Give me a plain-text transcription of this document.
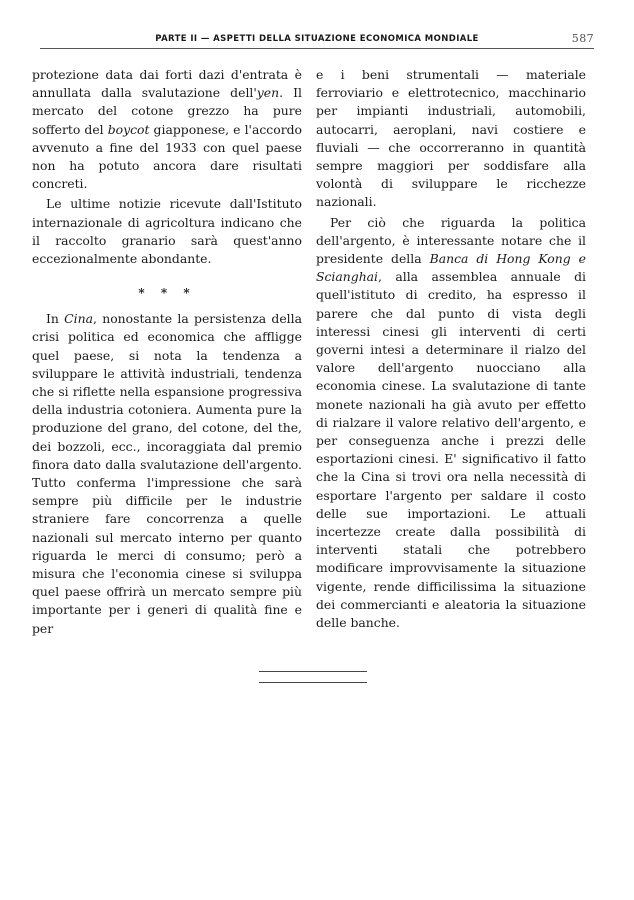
PARTE II — ASPETTI DELLA SITUAZIONE ECONOMICA MONDIALE	587

protezione data dai forti dazi d'entrata è annullata dalla svalutazione dell'yen. Il mercato del cotone grezzo ha pure sofferto del boycot giapponese, e l'accordo avvenuto a fine del 1933 con quel paese non ha potuto ancora dare risultati concreti.

Le ultime notizie ricevute dall'Istituto internazionale di agricoltura indicano che il raccolto granario sarà quest'anno eccezionalmente abondante.

* * *

In Cina, nonostante la persistenza della crisi politica ed economica che affligge quel paese, si nota la tendenza a sviluppare le attività industriali, tendenza che si riflette nella espansione progressiva della industria cotoniera. Aumenta pure la produzione del grano, del cotone, del the, dei bozzoli, ecc., incoraggiata dal premio finora dato dalla svalutazione dell'argento. Tutto conferma l'impressione che sarà sempre più difficile per le industrie straniere fare concorrenza a quelle nazionali sul mercato interno per quanto riguarda le merci di consumo; però a misura che l'economia cinese si sviluppa quel paese offrirà un mercato sempre più importante per i generi di qualità fine e per

e i beni strumentali — materiale ferroviario e elettrotecnico, macchinario per impianti industriali, automobili, autocarri, aeroplani, navi costiere e fluviali — che occorreranno in quantità sempre maggiori per soddisfare alla volontà di sviluppare le ricchezze nazionali.

Per ciò che riguarda la politica dell'argento, è interessante notare che il presidente della Banca di Hong Kong e Scianghai, alla assemblea annuale di quell'istituto di credito, ha espresso il parere che dal punto di vista degli interessi cinesi gli interventi di certi governi intesi a determinare il rialzo del valore dell'argento nuocciano alla economia cinese. La svalutazione di tante monete nazionali ha già avuto per effetto di rialzare il valore relativo dell'argento, e per conseguenza anche i prezzi delle esportazioni cinesi. E' significativo il fatto che la Cina si trovi ora nella necessità di esportare l'argento per saldare il costo delle sue importazioni. Le attuali incertezze create dalla possibilità di interventi statali che potrebbero modificare improvvisamente la situazione vigente, rende difficilissima la situazione dei commercianti e aleatoria la situazione delle banche.
